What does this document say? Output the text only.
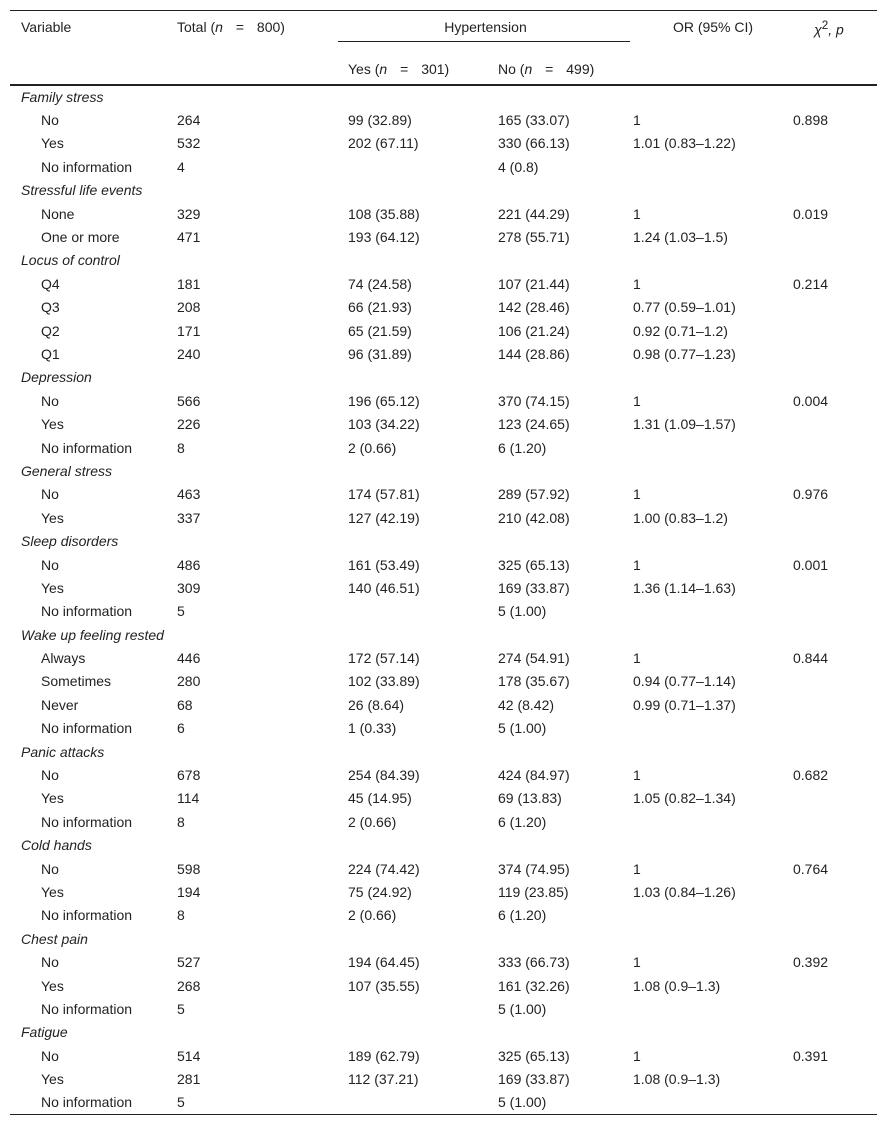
Variable	Total (n = 800)	Hypertension		OR (95% CI)	$\chi^2$, p
		Yes (n = 301)	No (n = 499)		
Family stress					
No	264	99 (32.89)	165 (33.07)	1	0.898
Yes	532	202 (67.11)	330 (66.13)	1.01 (0.83–1.22)	
No information	4		4 (0.8)		
Stressful life events					
None	329	108 (35.88)	221 (44.29)	1	0.019
One or more	471	193 (64.12)	278 (55.71)	1.24 (1.03–1.5)	
Locus of control					
Q4	181	74 (24.58)	107 (21.44)	1	0.214
Q3	208	66 (21.93)	142 (28.46)	0.77 (0.59–1.01)	
Q2	171	65 (21.59)	106 (21.24)	0.92 (0.71–1.2)	
Q1	240	96 (31.89)	144 (28.86)	0.98 (0.77–1.23)	
Depression					
No	566	196 (65.12)	370 (74.15)	1	0.004
Yes	226	103 (34.22)	123 (24.65)	1.31 (1.09–1.57)	
No information	8	2 (0.66)	6 (1.20)		
General stress					
No	463	174 (57.81)	289 (57.92)	1	0.976
Yes	337	127 (42.19)	210 (42.08)	1.00 (0.83–1.2)	
Sleep disorders					
No	486	161 (53.49)	325 (65.13)	1	0.001
Yes	309	140 (46.51)	169 (33.87)	1.36 (1.14–1.63)	
No information	5		5 (1.00)		
Wake up feeling rested					
Always	446	172 (57.14)	274 (54.91)	1	0.844
Sometimes	280	102 (33.89)	178 (35.67)	0.94 (0.77–1.14)	
Never	68	26 (8.64)	42 (8.42)	0.99 (0.71–1.37)	
No information	6	1 (0.33)	5 (1.00)		
Panic attacks					
No	678	254 (84.39)	424 (84.97)	1	0.682
Yes	114	45 (14.95)	69 (13.83)	1.05 (0.82–1.34)	
No information	8	2 (0.66)	6 (1.20)		
Cold hands					
No	598	224 (74.42)	374 (74.95)	1	0.764
Yes	194	75 (24.92)	119 (23.85)	1.03 (0.84–1.26)	
No information	8	2 (0.66)	6 (1.20)		
Chest pain					
No	527	194 (64.45)	333 (66.73)	1	0.392
Yes	268	107 (35.55)	161 (32.26)	1.08 (0.9–1.3)	
No information	5		5 (1.00)		
Fatigue					
No	514	189 (62.79)	325 (65.13)	1	0.391
Yes	281	112 (37.21)	169 (33.87)	1.08 (0.9–1.3)	
No information	5		5 (1.00)		
